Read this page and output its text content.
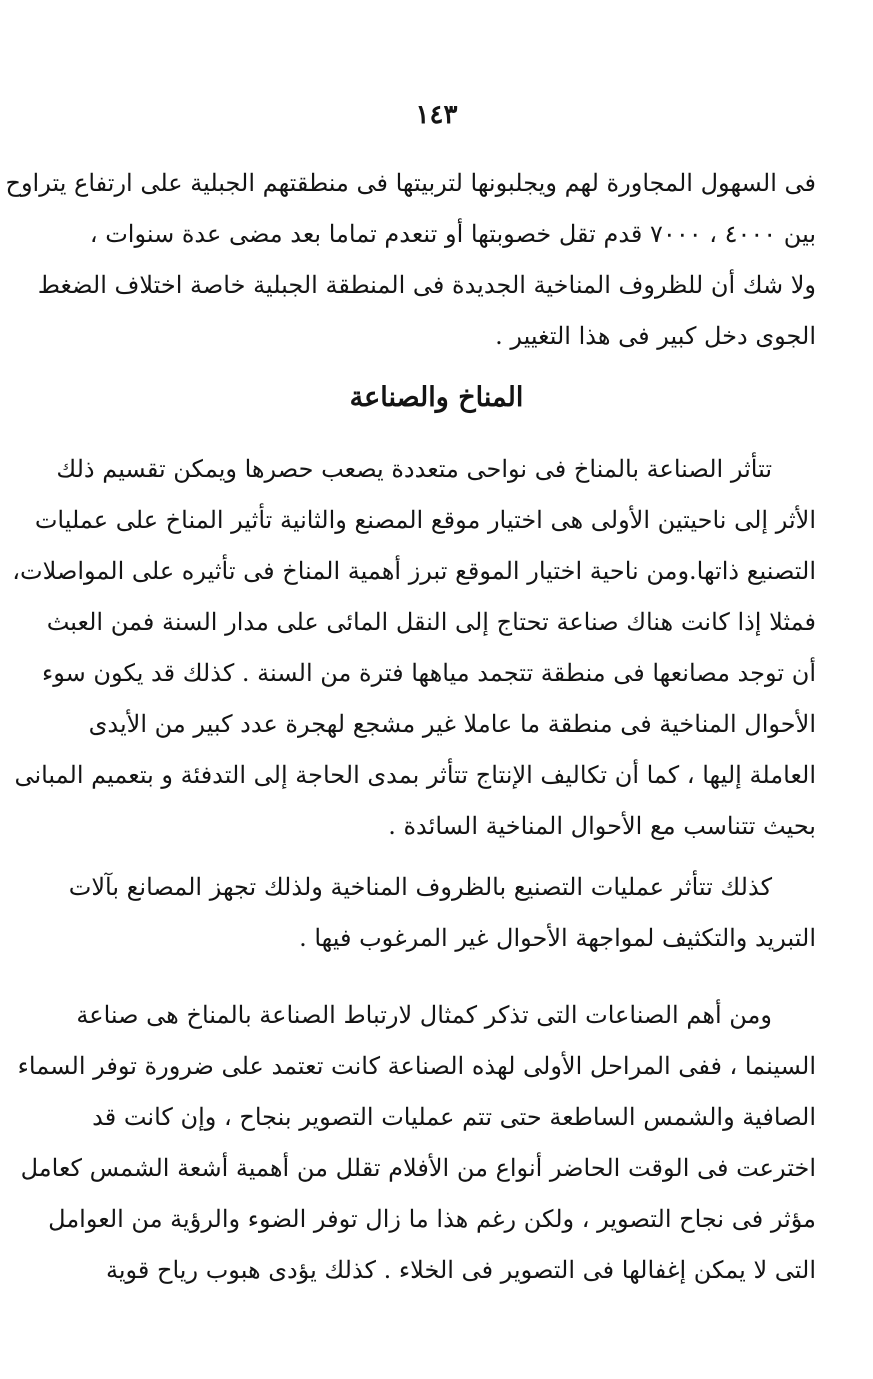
١٤٣
فى السهول المجاورة لهم ويجلبونها لتربيتها فى منطقتهم الجبلية على ارتفاع يتراوح
بين ٤٠٠٠ ، ٧٠٠٠ قدم تقل خصوبتها أو تنعدم تماما بعد مضى عدة سنوات ،
ولا شك أن للظروف المناخية الجديدة فى المنطقة الجبلية خاصة اختلاف الضغط
الجوى دخل كبير فى هذا التغيير .
المناخ والصناعة
تتأثر الصناعة بالمناخ فى نواحى متعددة يصعب حصرها ويمكن تقسيم ذلك
الأثر إلى ناحيتين الأولى هى اختيار موقع المصنع والثانية تأثير المناخ على عمليات
التصنيع ذاتها.ومن ناحية اختيار الموقع تبرز أهمية المناخ فى تأثيره على المواصلات،
فمثلا إذا كانت هناك صناعة تحتاج إلى النقل المائى على مدار السنة فمن العبث
أن توجد مصانعها فى منطقة تتجمد مياهها فترة من السنة . كذلك قد يكون سوء
الأحوال المناخية فى منطقة ما عاملا غير مشجع لهجرة عدد كبير من الأيدى
العاملة إليها ، كما أن تكاليف الإنتاج تتأثر بمدى الحاجة إلى التدفئة و بتعميم المبانى
بحيث تتناسب مع الأحوال المناخية السائدة .
كذلك تتأثر عمليات التصنيع بالظروف المناخية ولذلك تجهز المصانع بآلات
التبريد والتكثيف لمواجهة الأحوال غير المرغوب فيها .
ومن أهم الصناعات التى تذكر كمثال لارتباط الصناعة بالمناخ هى صناعة
السينما ، ففى المراحل الأولى لهذه الصناعة كانت تعتمد على ضرورة توفر السماء
الصافية والشمس الساطعة حتى تتم عمليات التصوير بنجاح ، وإن كانت قد
اخترعت فى الوقت الحاضر أنواع من الأفلام تقلل من أهمية أشعة الشمس كعامل
مؤثر فى نجاح التصوير ، ولكن رغم هذا ما زال توفر الضوء والرؤية من العوامل
التى لا يمكن إغفالها فى التصوير فى الخلاء . كذلك يؤدى هبوب رياح قوية
